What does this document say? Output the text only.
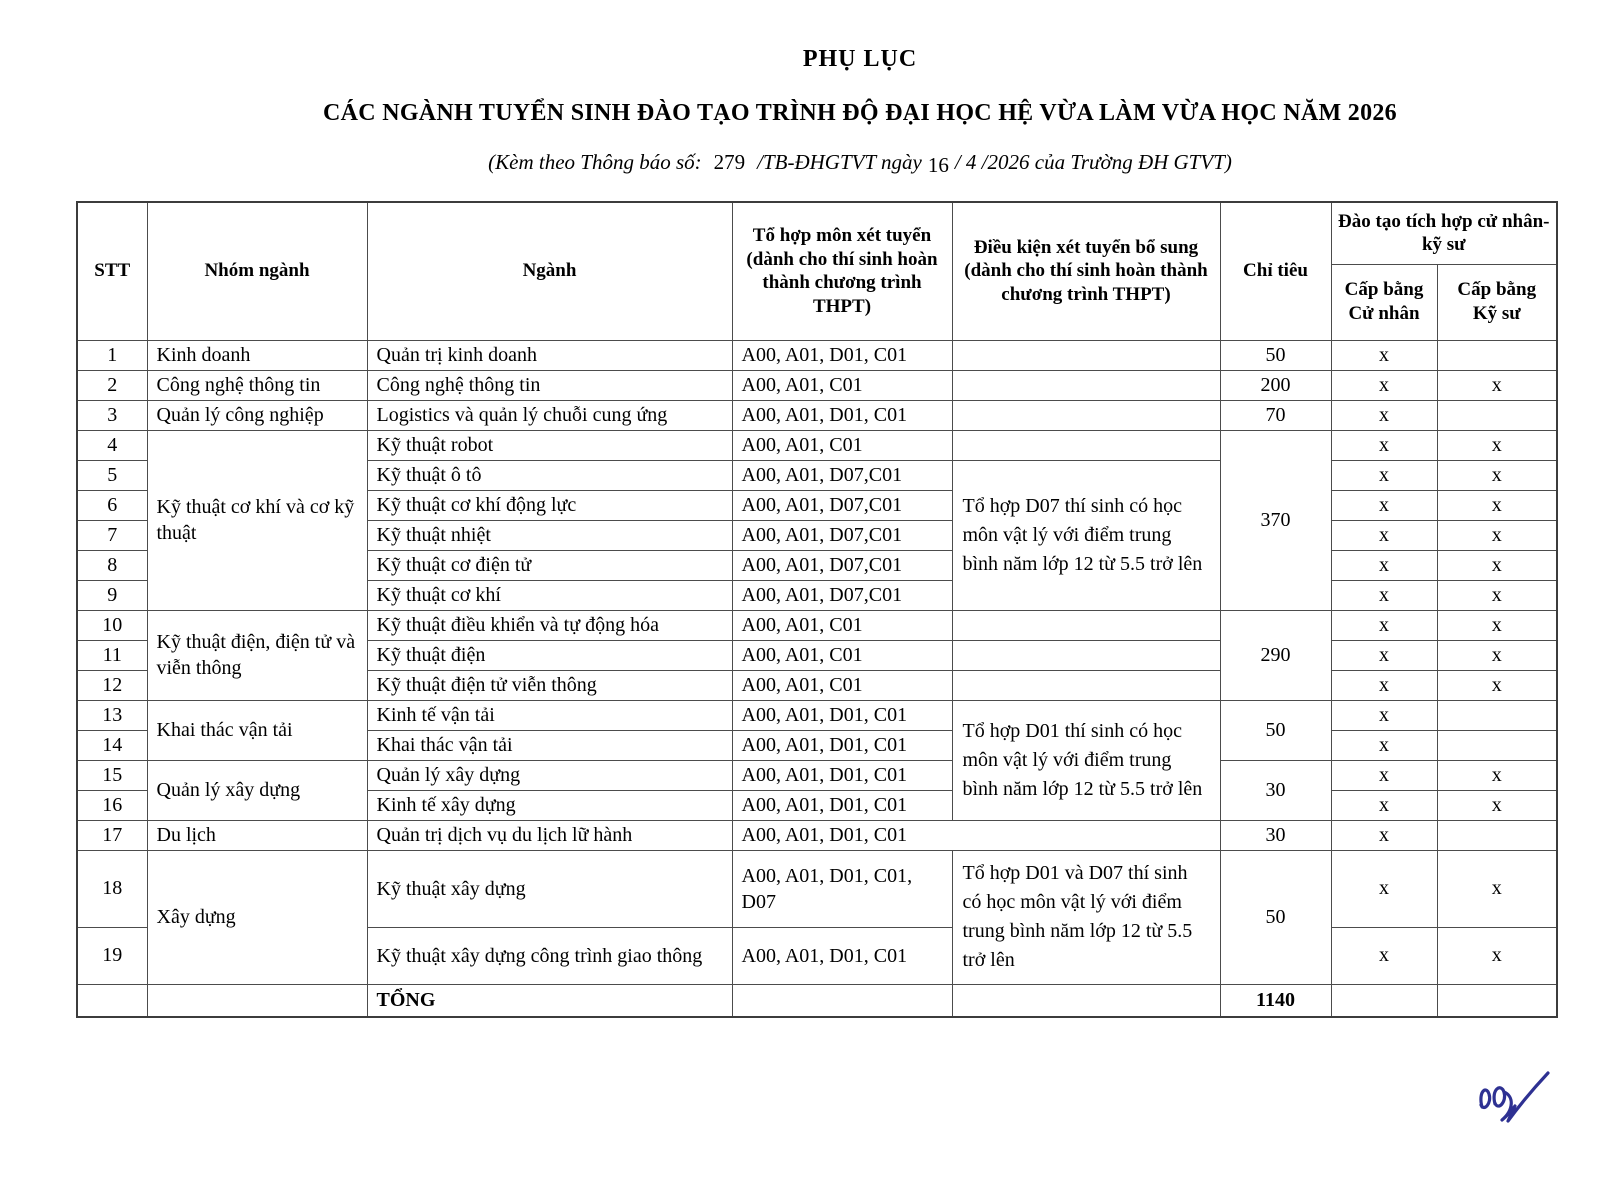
PHỤ LỤC
CÁC NGÀNH TUYỂN SINH ĐÀO TẠO TRÌNH ĐỘ ĐẠI HỌC HỆ VỪA LÀM VỪA HỌC NĂM 2026
(Kèm theo Thông báo số: 279 /TB-ĐHGTVT ngày 16 / 4 /2026 của Trường ĐH GTVT)
STT	Nhóm ngành	Ngành	Tổ hợp môn xét tuyển (dành cho thí sinh hoàn thành chương trình THPT)	Điều kiện xét tuyển bổ sung (dành cho thí sinh hoàn thành chương trình THPT)	Chỉ tiêu	Đào tạo tích hợp cử nhân- kỹ sư	
						Cấp bằng Cử nhân	Cấp bằng Kỹ sư
1	Kinh doanh	Quản trị kinh doanh	A00, A01, D01, C01		50	x	
2	Công nghệ thông tin	Công nghệ thông tin	A00, A01, C01		200	x	x
3	Quản lý công nghiệp	Logistics và quản lý chuỗi cung ứng	A00, A01, D01, C01		70	x	
4	Kỹ thuật cơ khí và cơ kỹ thuật	Kỹ thuật robot	A00, A01, C01		370	x	x
5		Kỹ thuật ô tô	A00, A01, D07,C01	Tổ hợp D07 thí sinh có học môn vật lý với điểm trung bình năm lớp 12 từ 5.5 trở lên		x	x
6		Kỹ thuật cơ khí động lực	A00, A01, D07,C01			x	x
7		Kỹ thuật nhiệt	A00, A01, D07,C01			x	x
8		Kỹ thuật cơ điện tử	A00, A01, D07,C01			x	x
9		Kỹ thuật cơ khí	A00, A01, D07,C01			x	x
10	Kỹ thuật điện, điện tử và viễn thông	Kỹ thuật điều khiển và tự động hóa	A00, A01, C01		290	x	x
11		Kỹ thuật điện	A00, A01, C01			x	x
12		Kỹ thuật điện tử viễn thông	A00, A01, C01			x	x
13	Khai thác vận tải	Kinh tế vận tải	A00, A01, D01, C01	Tổ hợp D01 thí sinh có học môn vật lý với điểm trung bình năm lớp 12 từ 5.5 trở lên	50	x	
14		Khai thác vận tải	A00, A01, D01, C01			x	
15	Quản lý xây dựng	Quản lý xây dựng	A00, A01, D01, C01		30	x	x
16		Kinh tế xây dựng	A00, A01, D01, C01			x	x
17	Du lịch	Quản trị dịch vụ du lịch lữ hành	A00, A01, D01, C01		30	x	
18	Xây dựng	Kỹ thuật xây dựng	A00, A01, D01, C01, D07	Tổ hợp D01 và D07 thí sinh có học môn vật lý với điểm trung bình năm lớp 12 từ 5.5 trở lên	50	x	x
19		Kỹ thuật xây dựng công trình giao thông	A00, A01, D01, C01			x	x
		TỔNG			1140		
